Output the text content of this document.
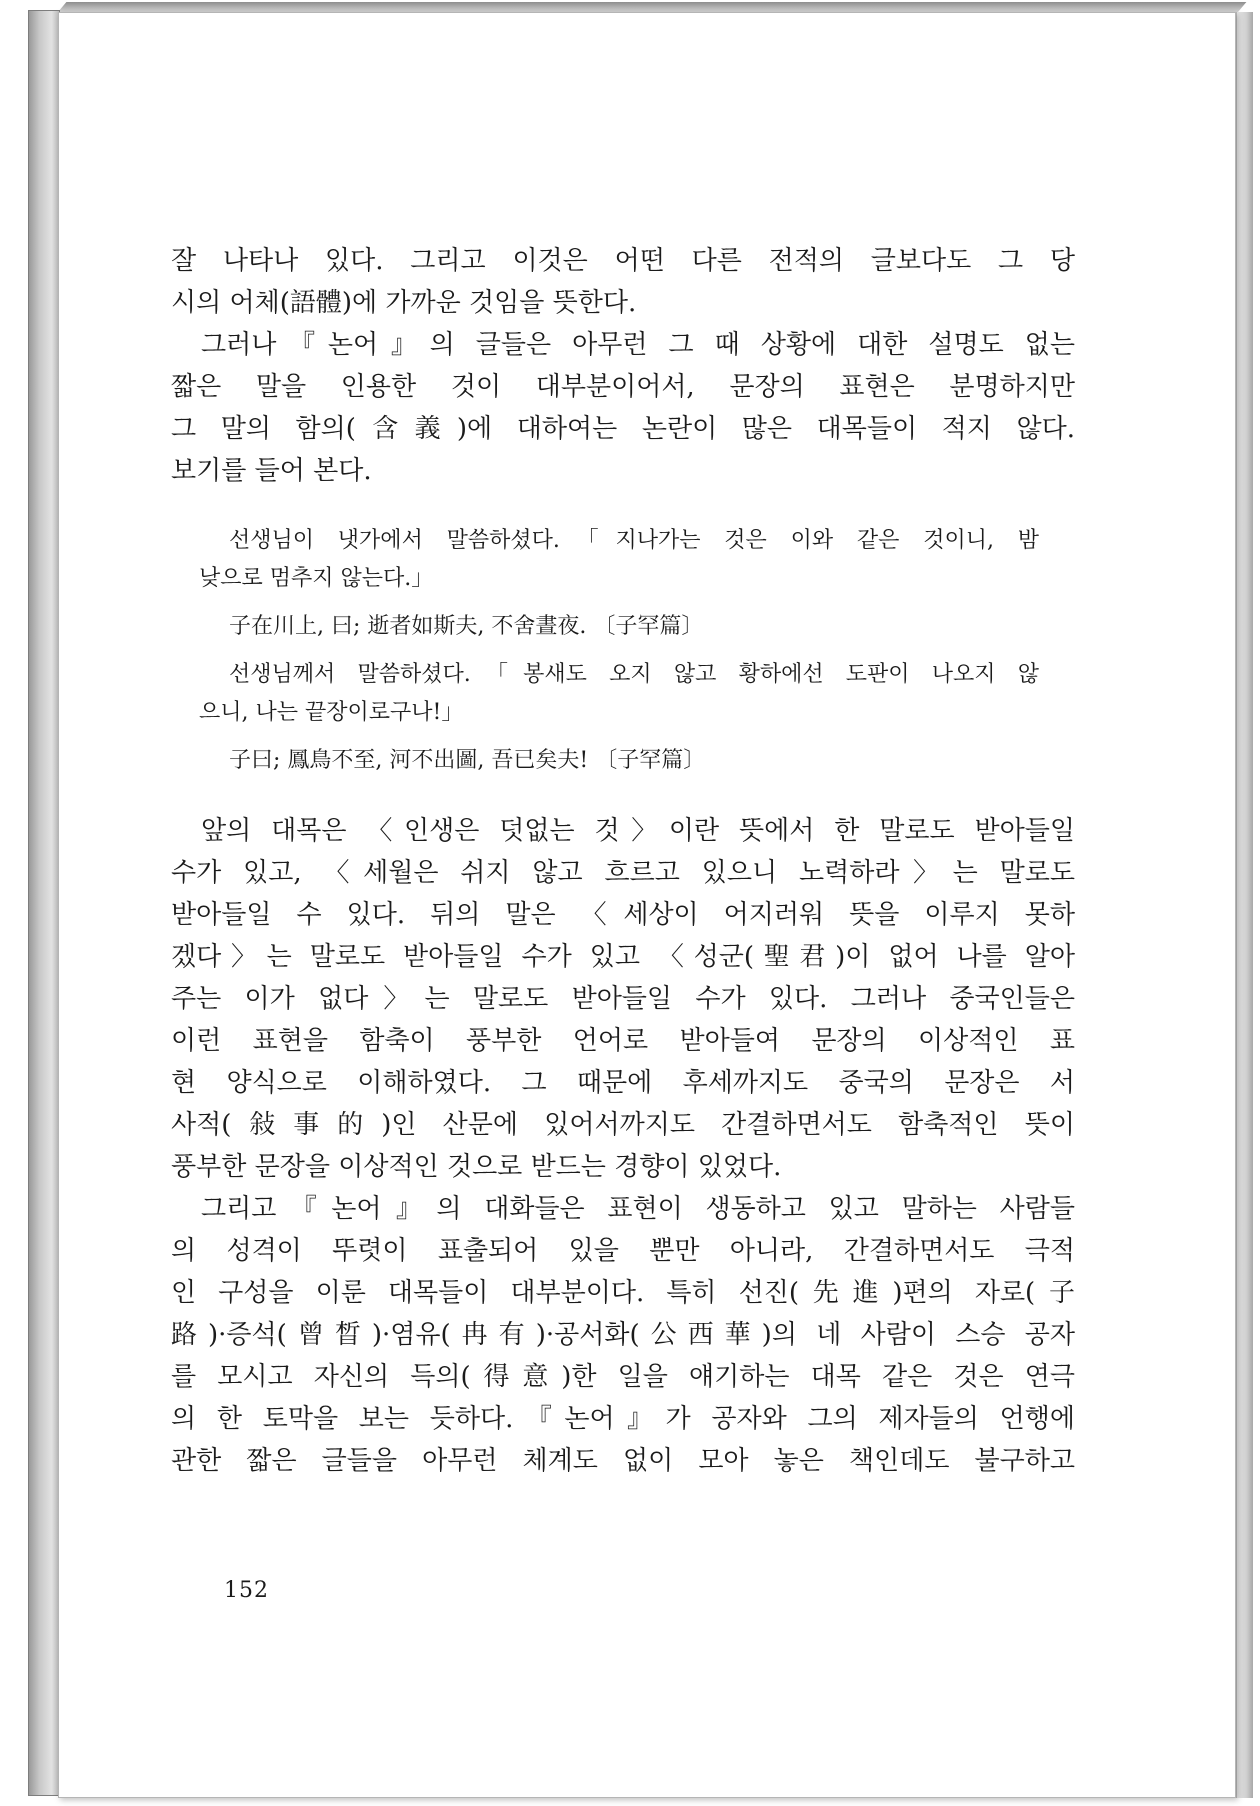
잘 나타나 있다. 그리고 이것은 어떤 다른 전적의 글보다도 그 당
시의 어체(語體)에 가까운 것임을 뜻한다.

그러나『논어』의 글들은 아무런 그 때 상황에 대한 설명도 없는
짧은 말을 인용한 것이 대부분이어서, 문장의 표현은 분명하지만
그 말의 함의(含義)에 대하여는 논란이 많은 대목들이 적지 않다.
보기를 들어 본다.

선생님이 냇가에서 말씀하셨다.「지나가는 것은 이와 같은 것이니, 밤
낮으로 멈추지 않는다.」
子在川上, 曰; 逝者如斯夫, 不舍晝夜. 〔子罕篇〕
선생님께서 말씀하셨다.「봉새도 오지 않고 황하에선 도판이 나오지 않
으니, 나는 끝장이로구나!」
子曰; 鳳鳥不至, 河不出圖, 吾已矣夫! 〔子罕篇〕

앞의 대목은 〈인생은 덧없는 것〉이란 뜻에서 한 말로도 받아들일
수가 있고, 〈세월은 쉬지 않고 흐르고 있으니 노력하라〉는 말로도
받아들일 수 있다. 뒤의 말은 〈세상이 어지러워 뜻을 이루지 못하
겠다〉는 말로도 받아들일 수가 있고 〈성군(聖君)이 없어 나를 알아
주는 이가 없다〉는 말로도 받아들일 수가 있다. 그러나 중국인들은
이런 표현을 함축이 풍부한 언어로 받아들여 문장의 이상적인 표
현 양식으로 이해하였다. 그 때문에 후세까지도 중국의 문장은 서
사적(敍事的)인 산문에 있어서까지도 간결하면서도 함축적인 뜻이
풍부한 문장을 이상적인 것으로 받드는 경향이 있었다.

그리고『논어』의 대화들은 표현이 생동하고 있고 말하는 사람들
의 성격이 뚜렷이 표출되어 있을 뿐만 아니라, 간결하면서도 극적
인 구성을 이룬 대목들이 대부분이다. 특히 선진(先進)편의 자로(子
路)·증석(曾晳)·염유(冉有)·공서화(公西華)의 네 사람이 스승 공자
를 모시고 자신의 득의(得意)한 일을 얘기하는 대목 같은 것은 연극
의 한 토막을 보는 듯하다.『논어』가 공자와 그의 제자들의 언행에
관한 짧은 글들을 아무런 체계도 없이 모아 놓은 책인데도 불구하고

152
